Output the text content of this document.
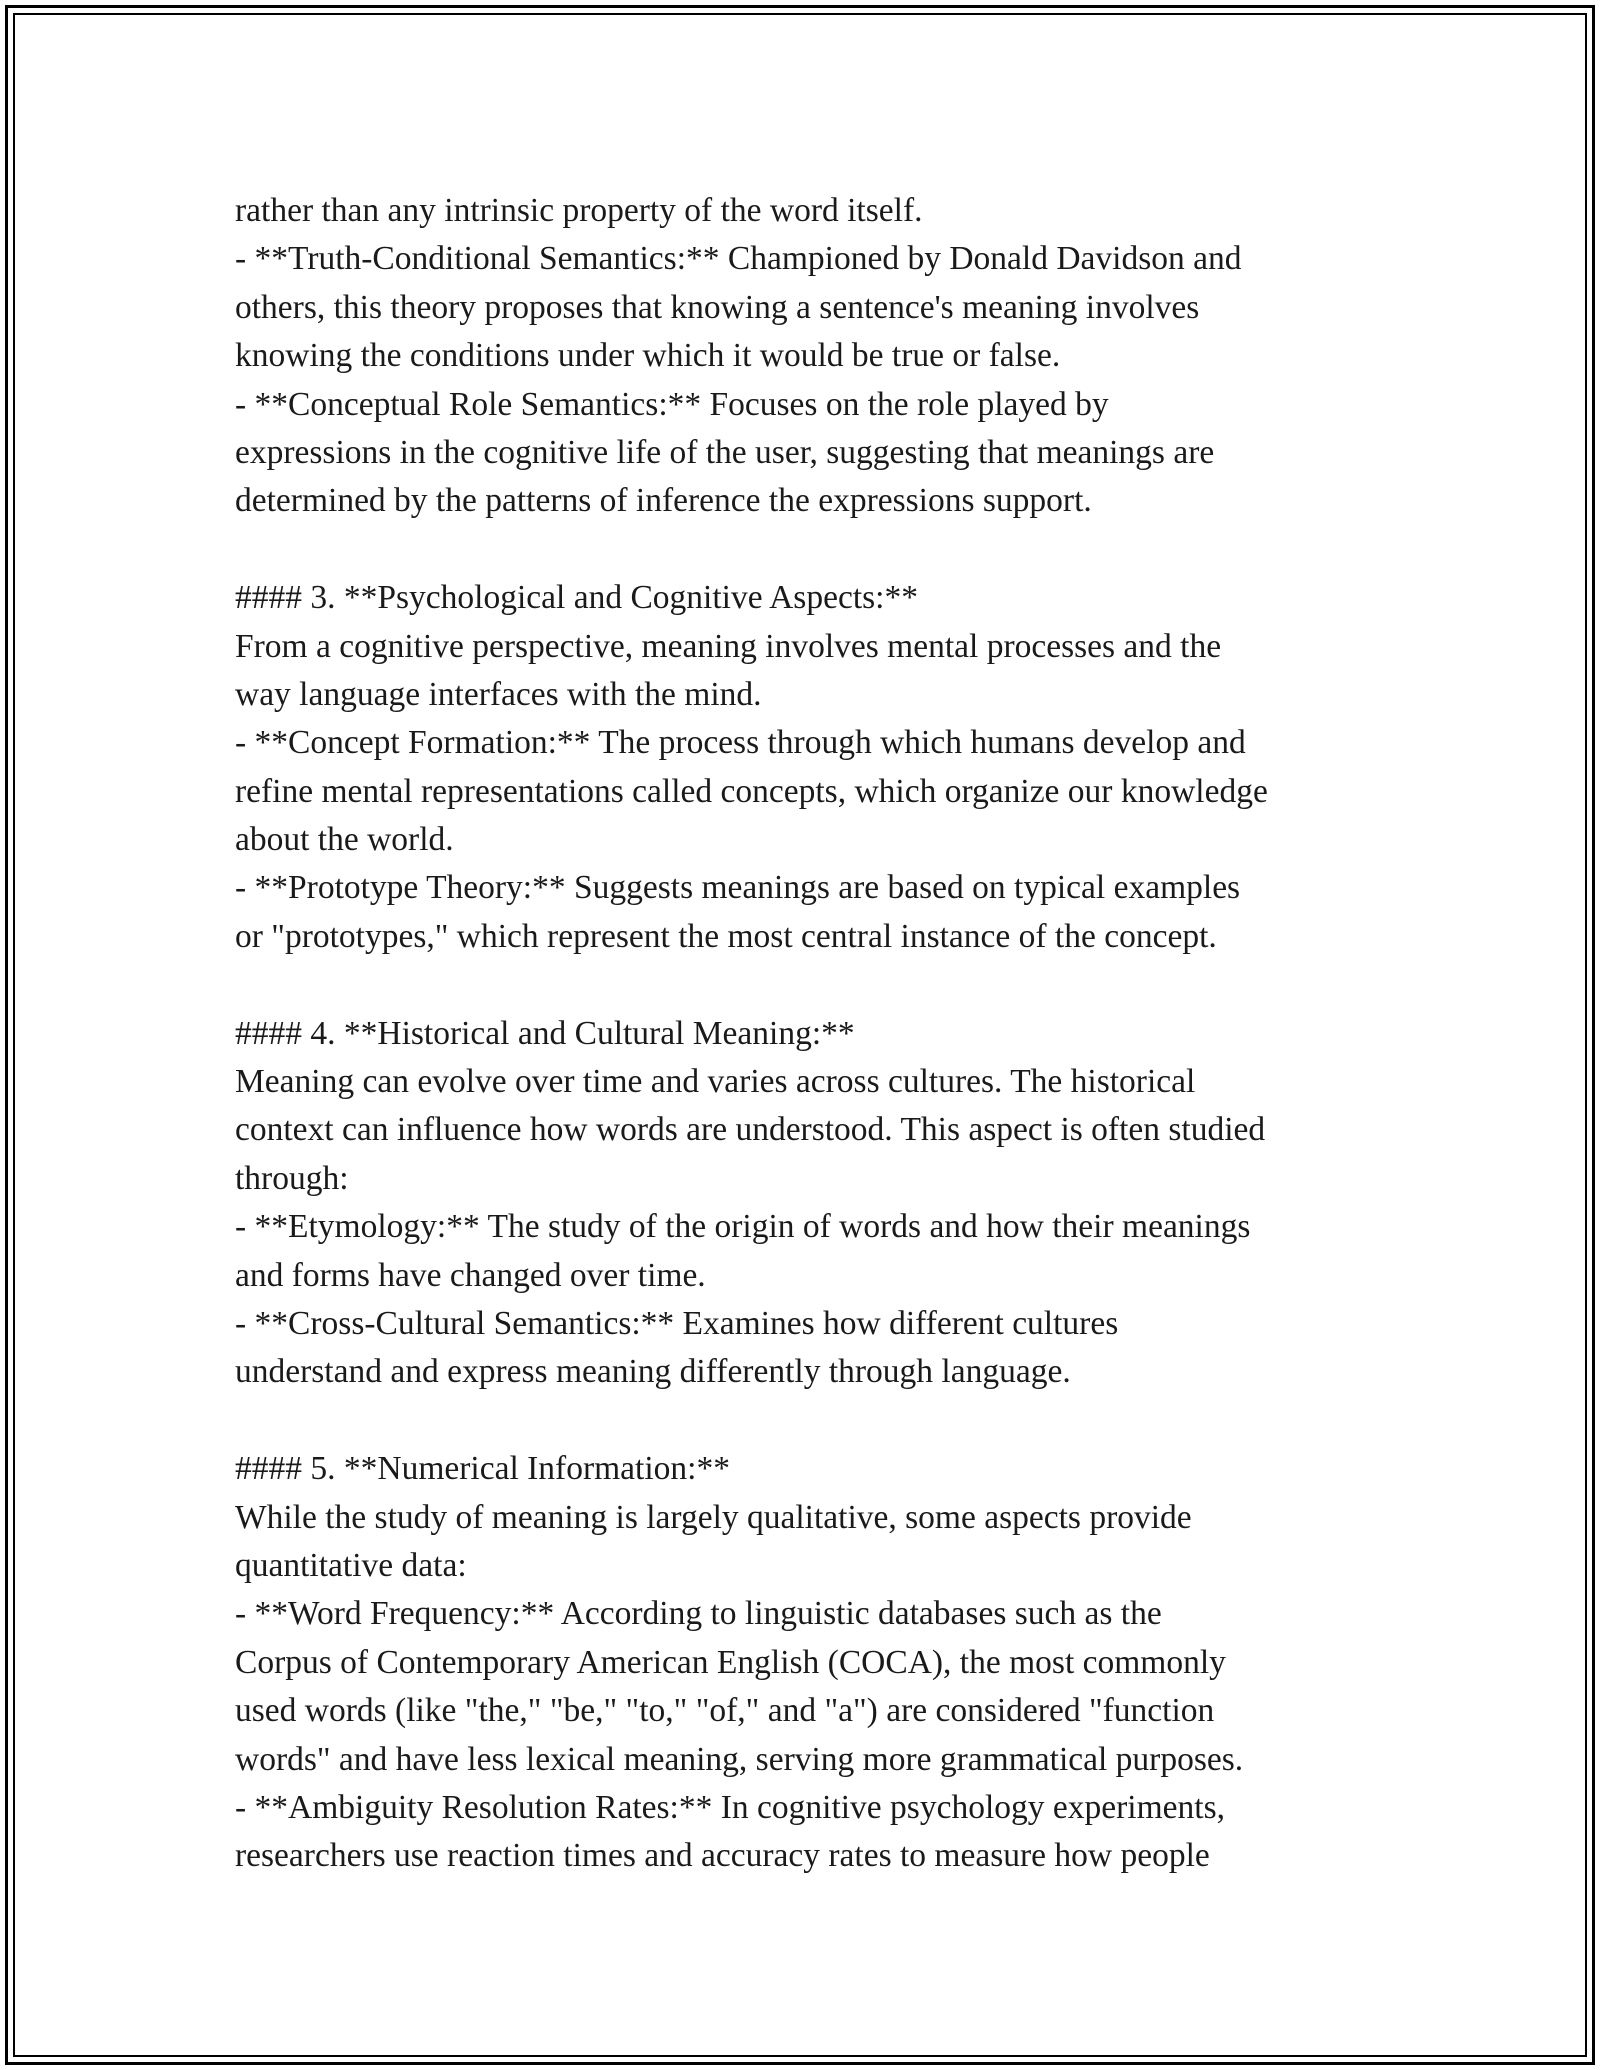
rather than any intrinsic property of the word itself.
- **Truth-Conditional Semantics:** Championed by Donald Davidson and
others, this theory proposes that knowing a sentence's meaning involves
knowing the conditions under which it would be true or false.
- **Conceptual Role Semantics:** Focuses on the role played by
expressions in the cognitive life of the user, suggesting that meanings are
determined by the patterns of inference the expressions support.
#### 3. **Psychological and Cognitive Aspects:**
From a cognitive perspective, meaning involves mental processes and the
way language interfaces with the mind.
- **Concept Formation:** The process through which humans develop and
refine mental representations called concepts, which organize our knowledge
about the world.
- **Prototype Theory:** Suggests meanings are based on typical examples
or "prototypes," which represent the most central instance of the concept.
#### 4. **Historical and Cultural Meaning:**
Meaning can evolve over time and varies across cultures. The historical
context can influence how words are understood. This aspect is often studied
through:
- **Etymology:** The study of the origin of words and how their meanings
and forms have changed over time.
- **Cross-Cultural Semantics:** Examines how different cultures
understand and express meaning differently through language.
#### 5. **Numerical Information:**
While the study of meaning is largely qualitative, some aspects provide
quantitative data:
- **Word Frequency:** According to linguistic databases such as the
Corpus of Contemporary American English (COCA), the most commonly
used words (like "the," "be," "to," "of," and "a") are considered "function
words" and have less lexical meaning, serving more grammatical purposes.
- **Ambiguity Resolution Rates:** In cognitive psychology experiments,
researchers use reaction times and accuracy rates to measure how people
